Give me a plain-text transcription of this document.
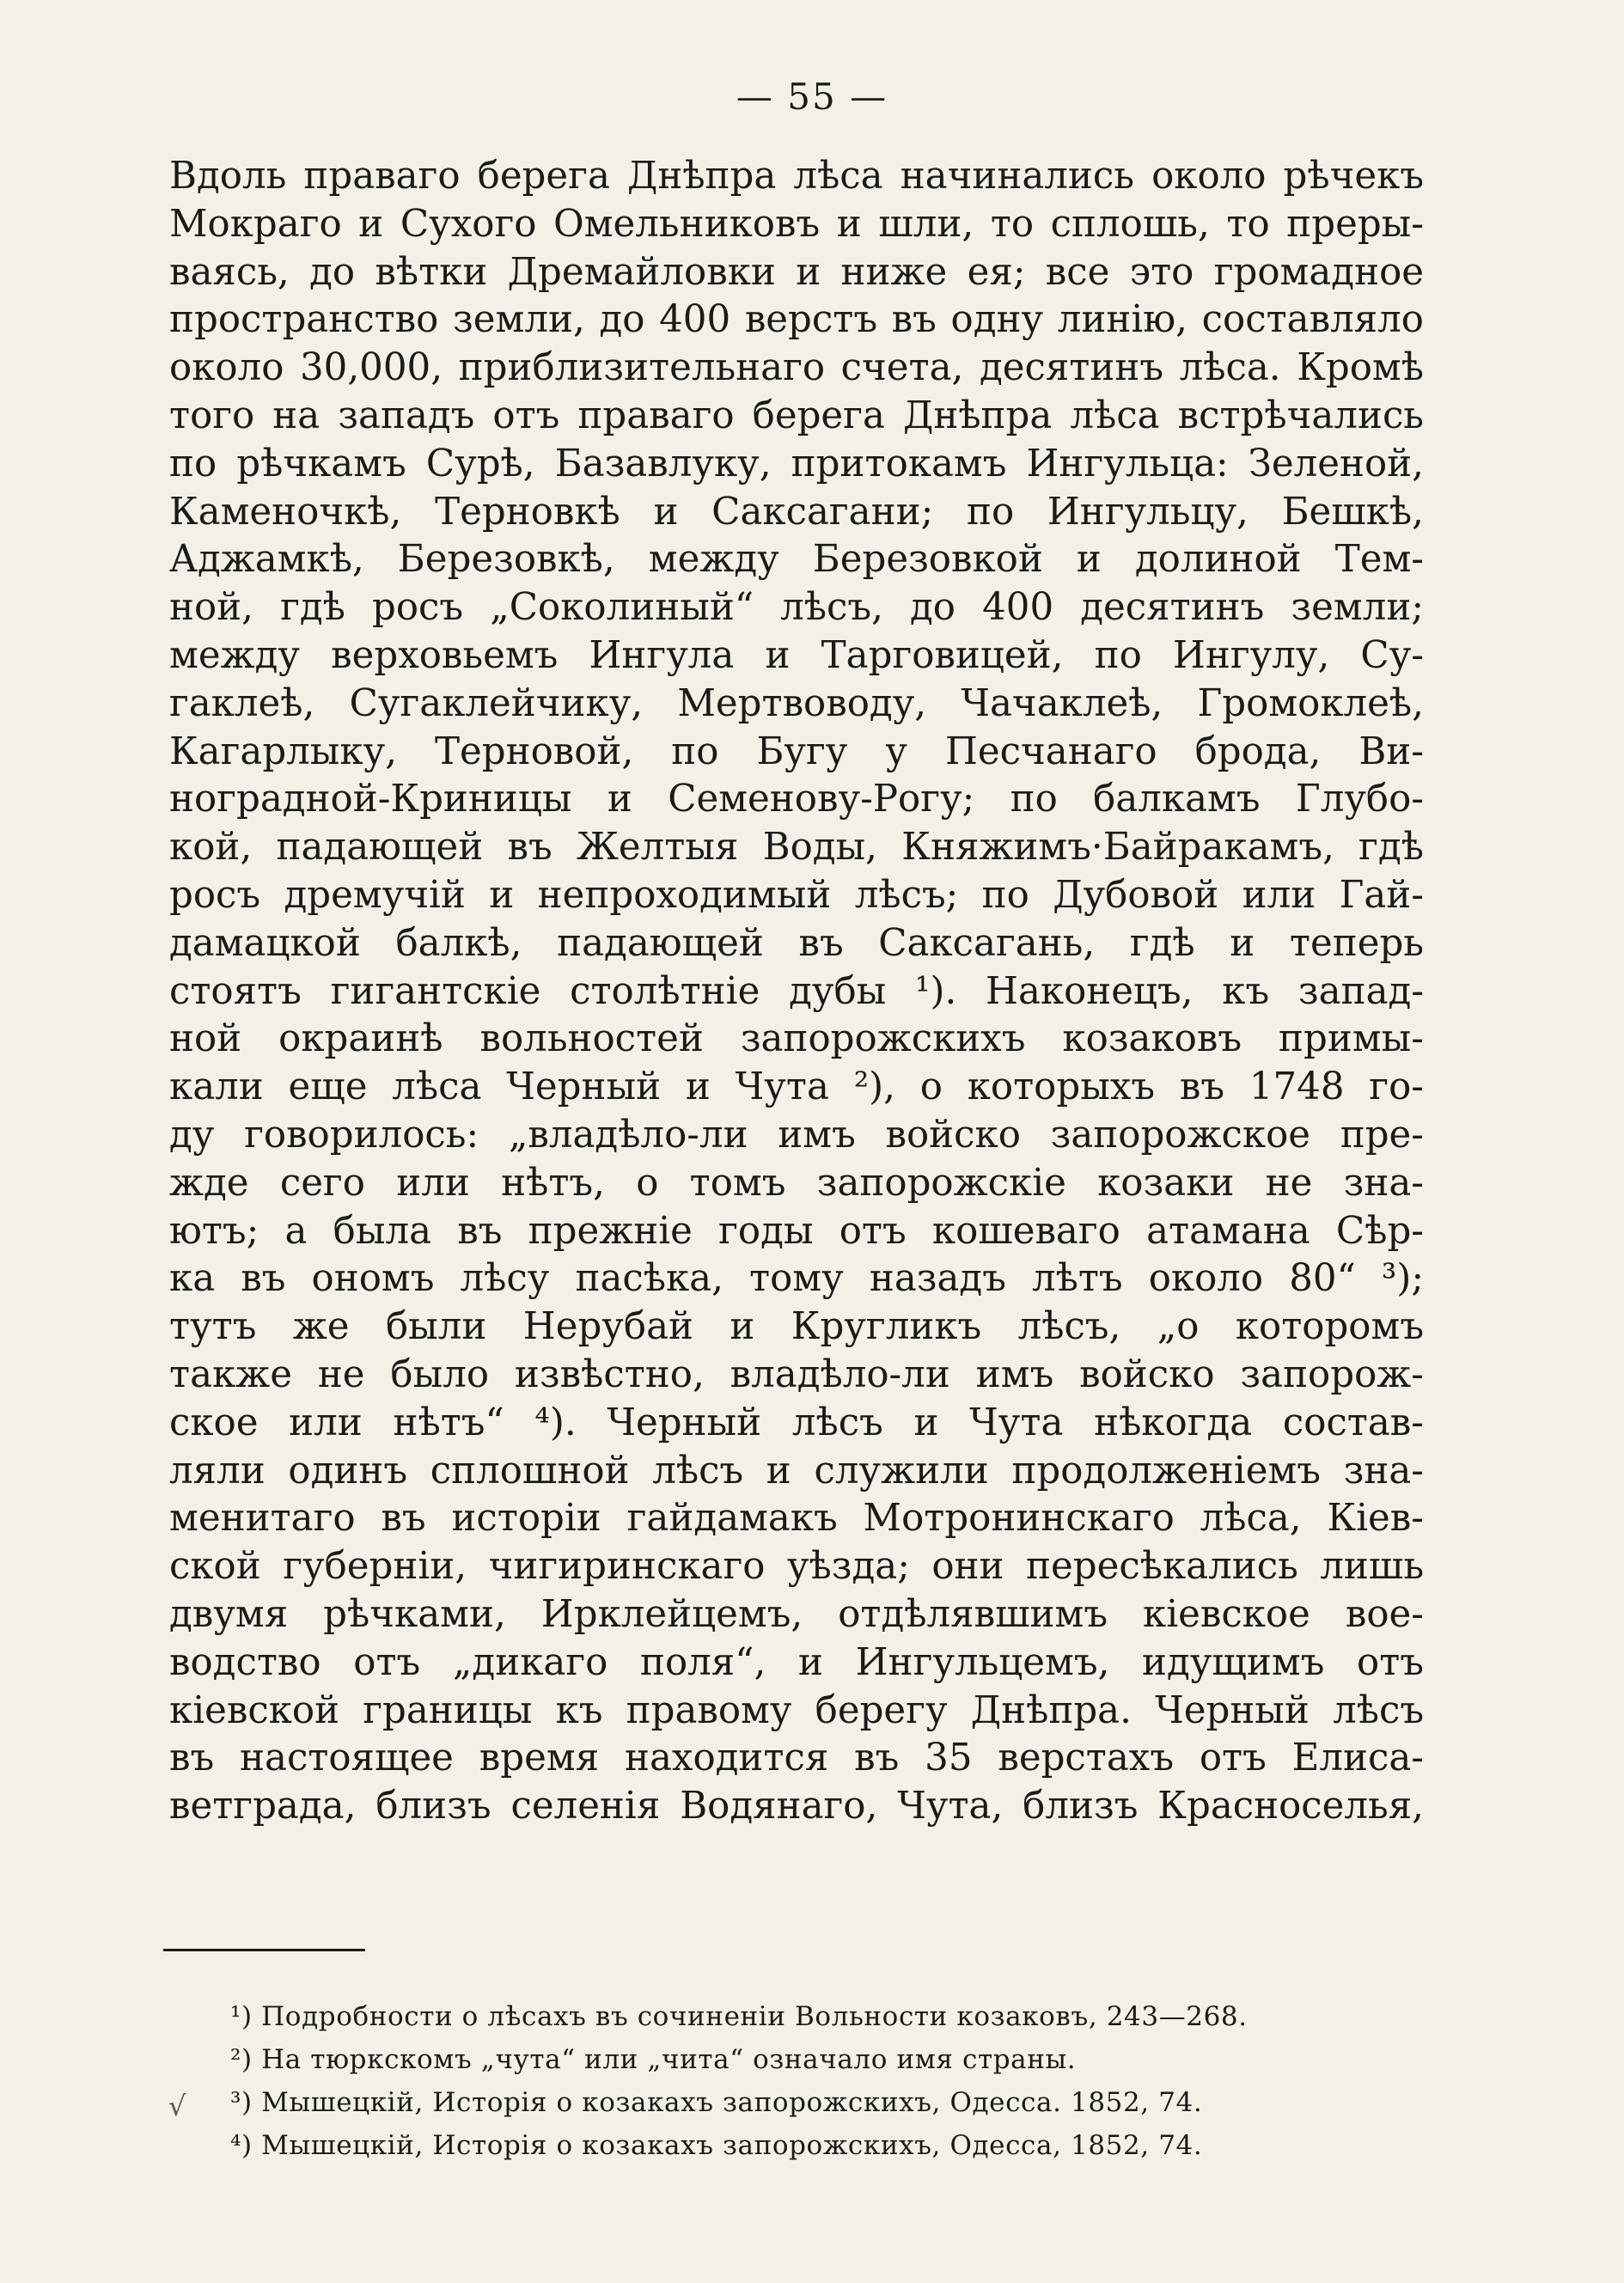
— 55 —
Вдоль праваго берега Днѣпра лѣса начинались около рѣчекъ
Мокраго и Сухого Омельниковъ и шли, то сплошь, то преры-
ваясь, до вѣтки Дремайловки и ниже ея; все это громадное
пространство земли, до 400 верстъ въ одну линію, составляло
около 30,000, приблизительнаго счета, десятинъ лѣса. Кромѣ
того на западъ отъ праваго берега Днѣпра лѣса встрѣчались
по рѣчкамъ Сурѣ, Базавлуку, притокамъ Ингульца: Зеленой,
Каменочкѣ, Терновкѣ и Саксагани; по Ингульцу, Бешкѣ,
Аджамкѣ, Березовкѣ, между Березовкой и долиной Тем-
ной, гдѣ росъ „Соколиный“ лѣсъ, до 400 десятинъ земли;
между верховьемъ Ингула и Тарговицей, по Ингулу, Су-
гаклеѣ, Сугаклейчику, Мертвоводу, Чачаклеѣ, Громоклеѣ,
Кагарлыку, Терновой, по Бугу у Песчанаго брода, Ви-
ноградной-Криницы и Семенову-Рогу; по балкамъ Глубо-
кой, падающей въ Желтыя Воды, Княжимъ·Байракамъ, гдѣ
росъ дремучій и непроходимый лѣсъ; по Дубовой или Гай-
дамацкой балкѣ, падающей въ Саксагань, гдѣ и теперь
стоятъ гигантскіе столѣтніе дубы ¹). Наконецъ, къ запад-
ной окраинѣ вольностей запорожскихъ козаковъ примы-
кали еще лѣса Черный и Чута ²), о которыхъ въ 1748 го-
ду говорилось: „владѣло-ли имъ войско запорожское пре-
жде сего или нѣтъ, о томъ запорожскіе козаки не зна-
ютъ; а была въ прежніе годы отъ кошеваго атамана Сѣр-
ка въ ономъ лѣсу пасѣка, тому назадъ лѣтъ около 80“ ³);
тутъ же были Нерубай и Кругликъ лѣсъ, „о которомъ
также не было извѣстно, владѣло-ли имъ войско запорож-
ское или нѣтъ“ ⁴). Черный лѣсъ и Чута нѣкогда состав-
ляли одинъ сплошной лѣсъ и служили продолженіемъ зна-
менитаго въ исторіи гайдамакъ Мотронинскаго лѣса, Кіев-
ской губерніи, чигиринскаго уѣзда; они пересѣкались лишь
двумя рѣчками, Ирклейцемъ, отдѣлявшимъ кіевское вое-
водство отъ „дикаго поля“, и Ингульцемъ, идущимъ отъ
кіевской границы къ правому берегу Днѣпра. Черный лѣсъ
въ настоящее время находится въ 35 верстахъ отъ Елиса-
ветграда, близъ селенія Водянаго, Чута, близъ Красноселья,
√
¹) Подробности о лѣсахъ въ сочиненіи Вольности козаковъ, 243—268.
²) На тюркскомъ „чута“ или „чита“ означало имя страны.
³) Мышецкій, Исторія о козакахъ запорожскихъ, Одесса. 1852, 74.
⁴) Мышецкій, Исторія о козакахъ запорожскихъ, Одесса, 1852, 74.
